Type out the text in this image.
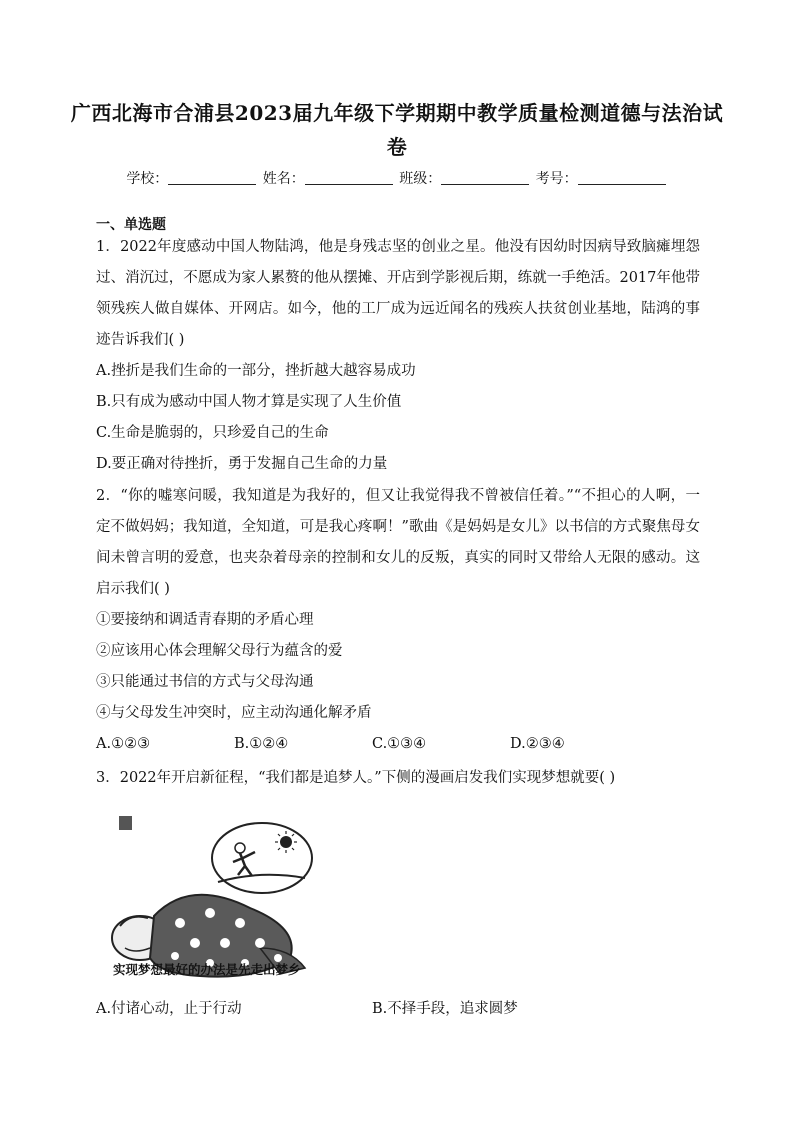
广西北海市合浦县2023届九年级下学期期中教学质量检测道德与法治试卷
学校：	姓名：	班级：	考号：
一、单选题
1．2022年度感动中国人物陆鸿，他是身残志坚的创业之星。他没有因幼时因病导致脑瘫埋怨过、消沉过，不愿成为家人累赘的他从摆摊、开店到学影视后期，练就一手绝活。2017年他带领残疾人做自媒体、开网店。如今，他的工厂成为远近闻名的残疾人扶贫创业基地，陆鸿的事迹告诉我们( )
A.挫折是我们生命的一部分，挫折越大越容易成功
B.只有成为感动中国人物才算是实现了人生价值
C.生命是脆弱的，只珍爱自己的生命
D.要正确对待挫折，勇于发掘自己生命的力量
2．“你的嘘寒问暖，我知道是为我好的，但又让我觉得我不曾被信任着。”“不担心的人啊，一定不做妈妈；我知道，全知道，可是我心疼啊！”歌曲《是妈妈是女儿》以书信的方式聚焦母女间未曾言明的爱意，也夹杂着母亲的控制和女儿的反叛，真实的同时又带给人无限的感动。这启示我们( )
①要接纳和调适青春期的矛盾心理
②应该用心体会理解父母行为蕴含的爱
③只能通过书信的方式与父母沟通
④与父母发生冲突时，应主动沟通化解矛盾
A.①②③	B.①②④	C.①③④	D.②③④
3．2022年开启新征程，“我们都是追梦人。”下侧的漫画启发我们实现梦想就要( )
实现梦想最好的办法是先走出梦乡
A.付诸心动，止于行动	B.不择手段，追求圆梦
